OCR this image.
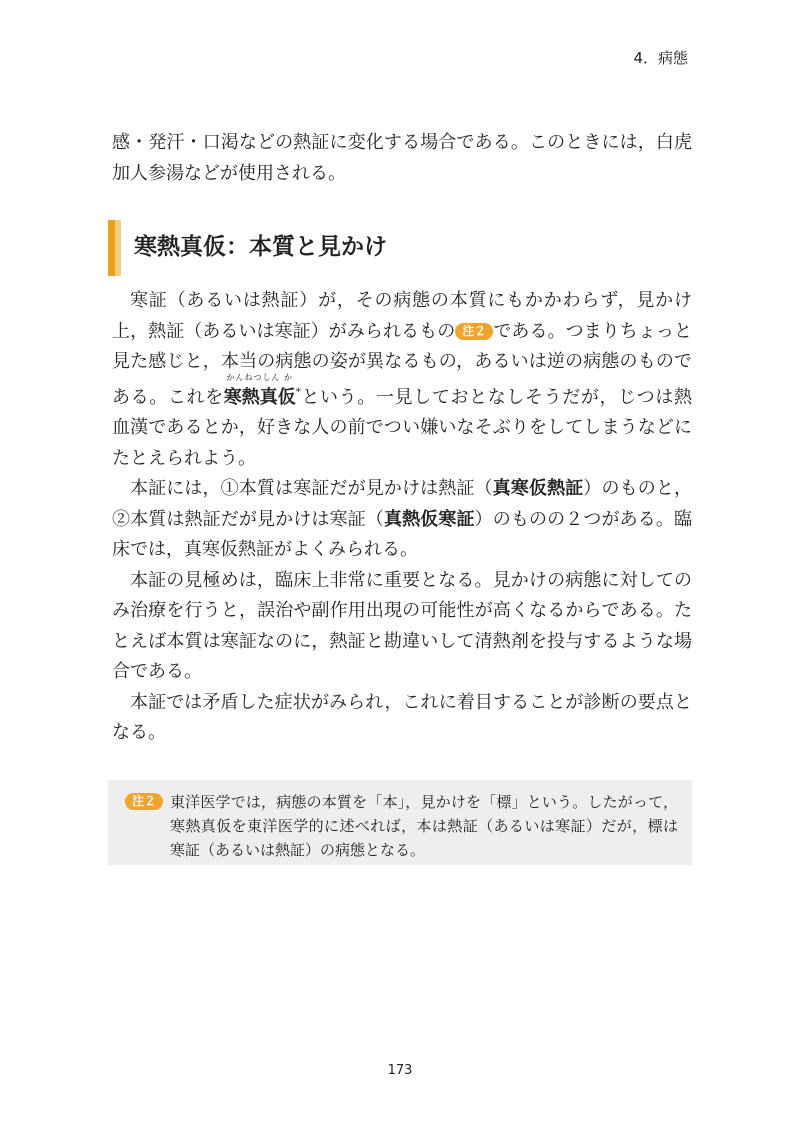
4．病態

感・発汗・口渇などの熱証に変化する場合である。このときには，白虎加人参湯などが使用される。

寒熱真仮：本質と見かけ

寒証（あるいは熱証）が，その病態の本質にもかかわらず，見かけ上，熱証（あるいは寒証）がみられるもの 注２ である。つまりちょっと見た感じと，本当の病態の姿が異なるもの，あるいは逆の病態のものである。これを
かんねつしん か
寒熱真仮*という。一見しておとなしそうだが，じつは熱血漢であるとか，好きな人の前でつい嫌いなそぶりをしてしまうなどにたとえられよう。

本証には，①本質は寒証だが見かけは熱証（真寒仮熱証）のものと，②本質は熱証だが見かけは寒証（真熱仮寒証）のものの２つがある。臨床では，真寒仮熱証がよくみられる。

本証の見極めは，臨床上非常に重要となる。見かけの病態に対してのみ治療を行うと，誤治や副作用出現の可能性が高くなるからである。たとえば本質は寒証なのに，熱証と勘違いして清熱剤を投与するような場合である。

本証では矛盾した症状がみられ，これに着目することが診断の要点となる。

注２ 東洋医学では，病態の本質を「本」，見かけを「標」という。したがって，寒熱真仮を東洋医学的に述べれば，本は熱証（あるいは寒証）だが，標は寒証（あるいは熱証）の病態となる。
173
